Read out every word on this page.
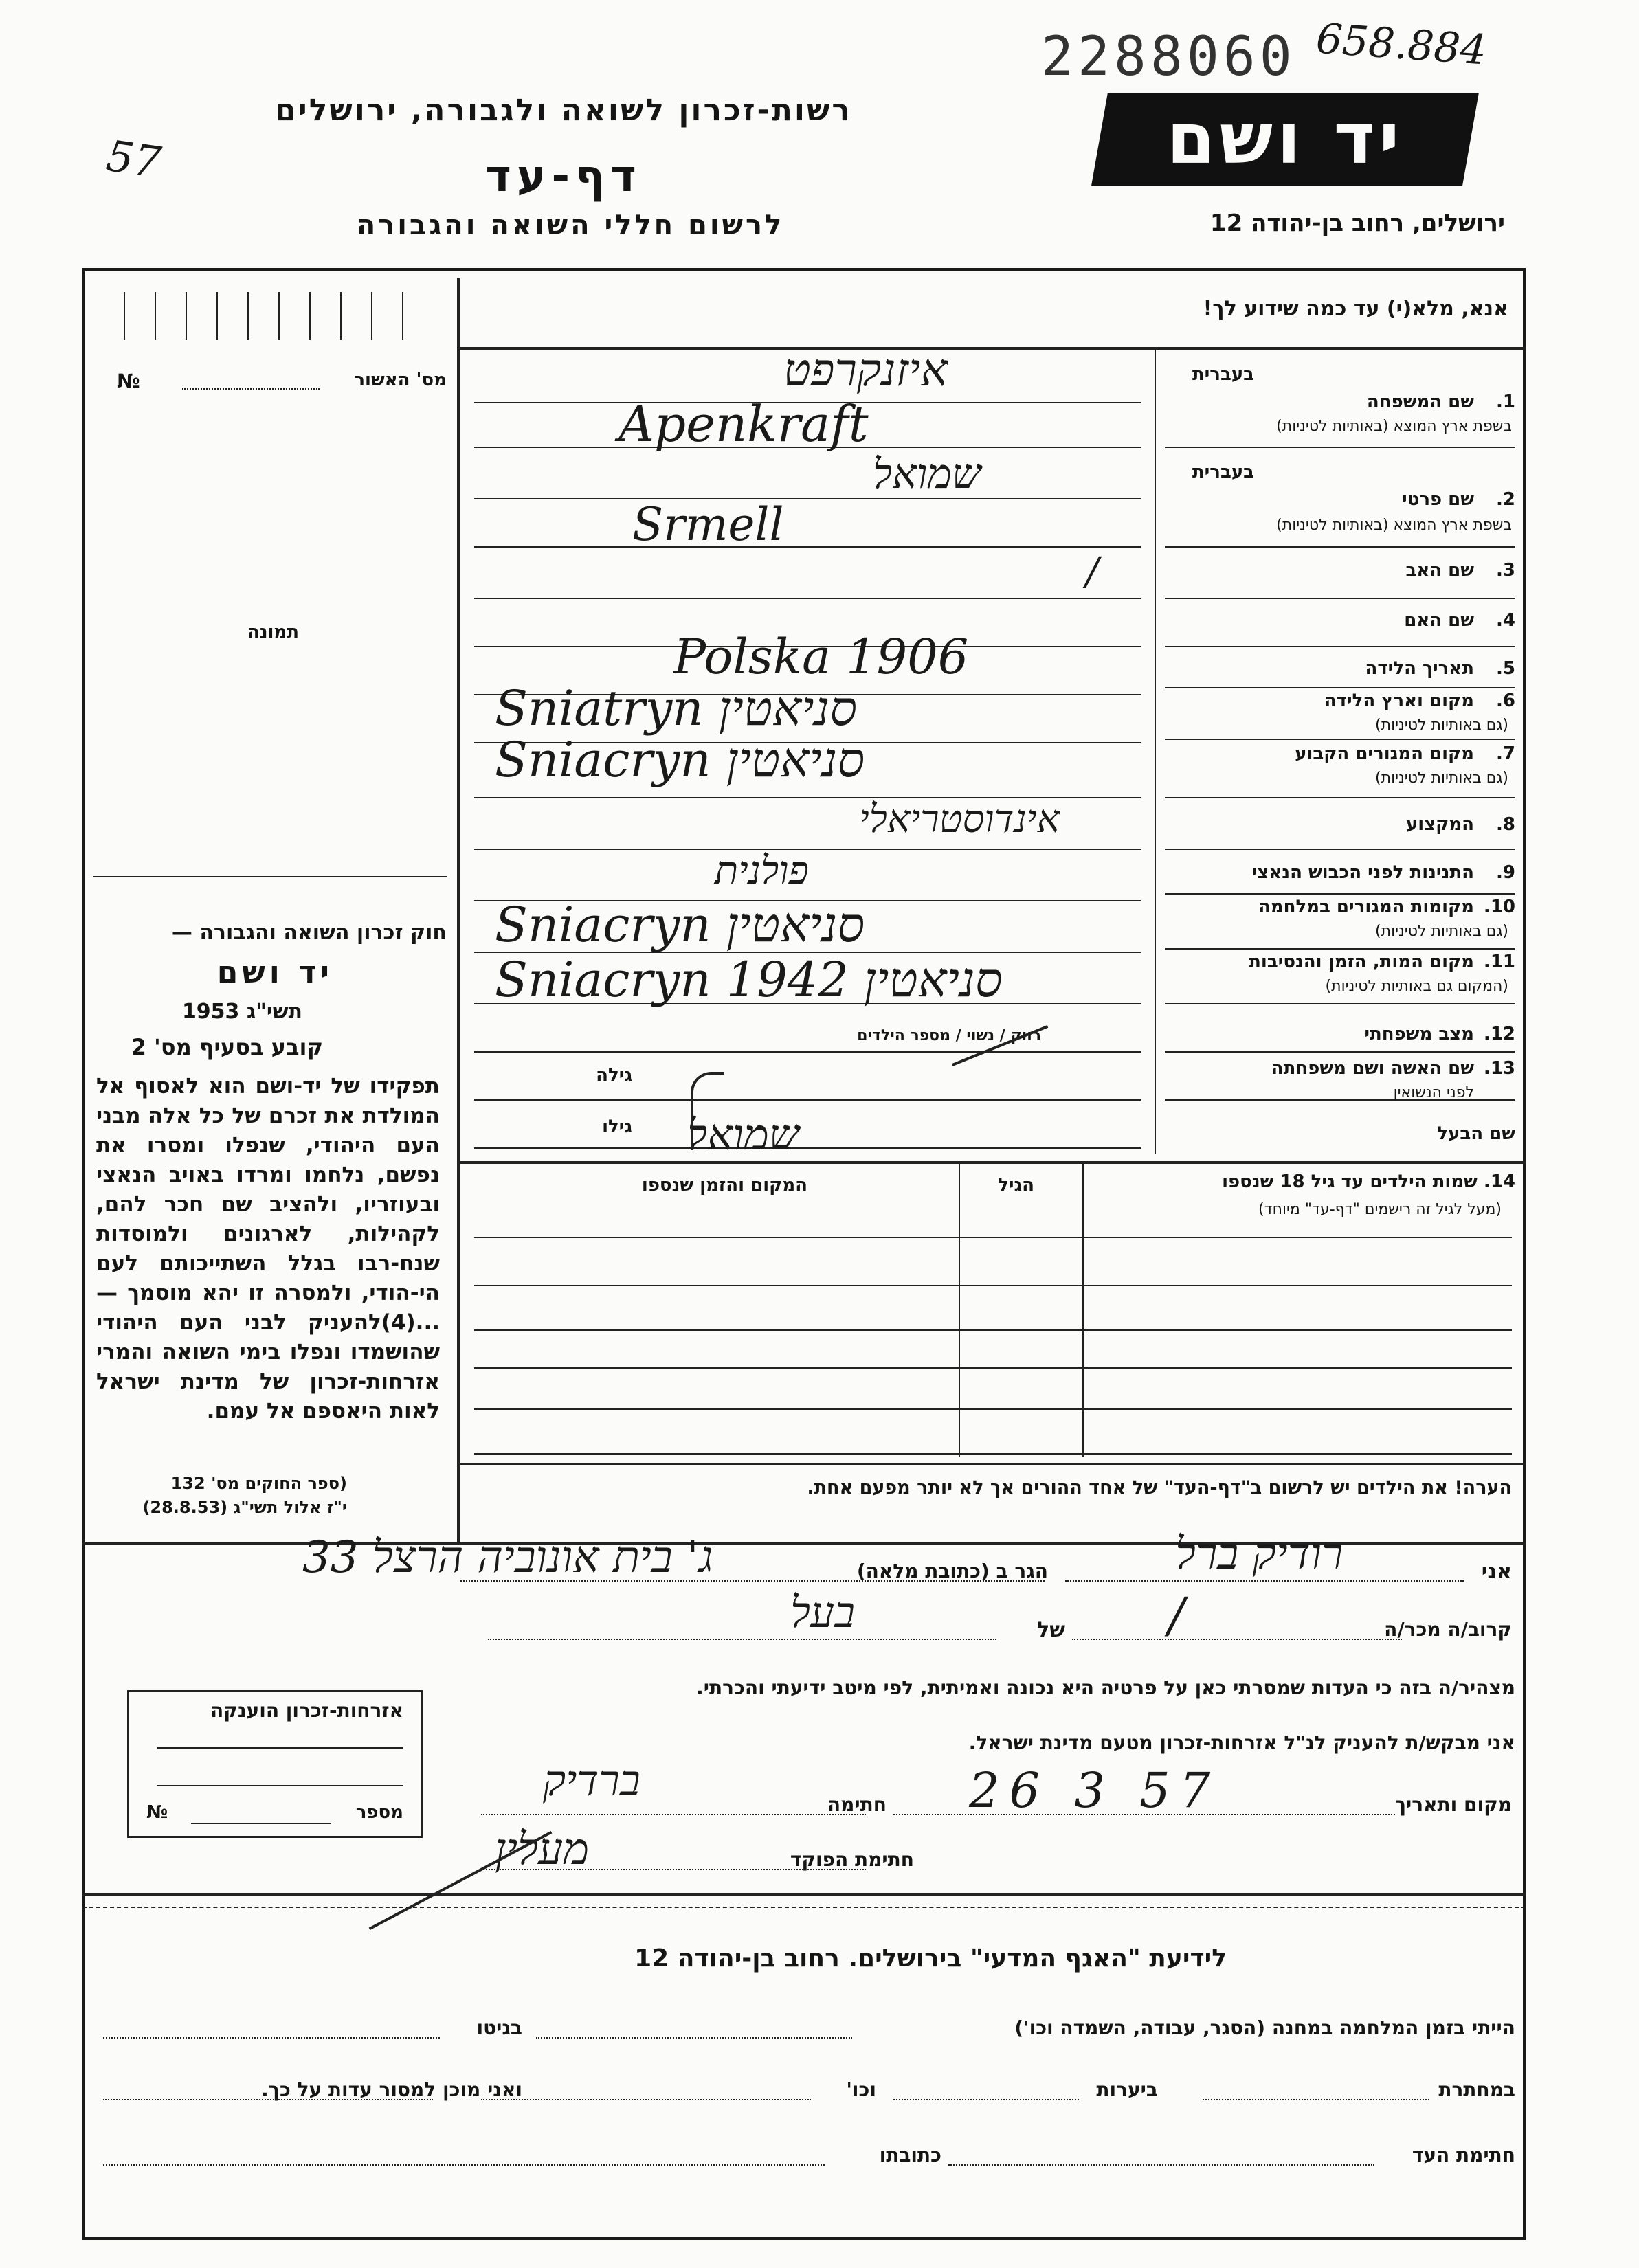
57
2288060 658.884
רשות-זכרון לשואה ולגבורה, ירושלים
דף-עד
לרשום חללי השואה והגבורה
יד ושם
ירושלים, רחוב בן-יהודה 12
אנא, מלא(י) עד כמה שידוע לך!
בעברית
1.
שם המשפחה
בשפת ארץ המוצא (באותיות לטיניות)
בעברית
2.
שם פרטי
בשפת ארץ המוצא (באותיות לטיניות)
3.
שם האב
4.
שם האם
5.
תאריך הלידה
6.
מקום וארץ הלידה
(גם באותיות לטיניות)
7.
מקום המגורים הקבוע
(גם באותיות לטיניות)
8.
המקצוע
9.
התנינות לפני הכבוש הנאצי
10.
מקומות המגורים במלחמה
(גם באותיות לטיניות)
11.
מקום המות, הזמן והנסיבות
(המקום גם באותיות לטיניות)
12.
מצב משפחתי
13.
שם האשה ושם משפחתה
לפני הנשואין
שם הבעל
רווק / נשוי / מספר הילדים
גילה
גילו
איזנקרפט
Apenkraft
שמואל
Srmell
/
Polska 1906
Sniatryn סניאטין
Sniacryn סניאטין
אינדוסטריאלי
פולנית
Sniacryn סניאטין
Sniacryn סניאטין 1942
שמואל
14. שמות הילדים עד גיל 18 שנספו
(מעל לגיל זה רישמים "דף-עד" מיוחד)
הגיל
המקום והזמן שנספו
הערה! את הילדים יש לרשום ב"דף-העד" של אחד ההורים אך לא יותר מפעם אחת.
מס' האשור
№
תמונה
חוק זכרון השואה והגבורה —
יד ושם
תשי"ג 1953
קובע בסעיף מס' 2
תפקידו של יד-ושם הוא לאסוף אל המולדת את זכרם של כל אלה מבני העם היהודי, שנפלו ומסרו את נפשם, נלחמו ומרדו באויב הנאצי ובעוזריו, ולהציב שם חכר להם, לקהילות, לארגונים ולמוסדות שנח-רבו בגלל השתייכותם לעם הי-הודי, ולמסרה זו יהא מוסמך — ...(4)להעניק לבני העם היהודי שהושמדו ונפלו בימי השואה והמרי אזרחות-זכרון של מדינת ישראל לאות היאספם אל עמם.
(ספר החוקים מס' 132
י"ז אלול תשי"ג (28.8.53)
אני
רודיק ברל
הגר ב (כתובת מלאה)
ג' בית אונוביה הרצל 33
קרוב/ה מכר/ה
/
של
בעל
מצהיר/ה בזה כי העדות שמסרתי כאן על פרטיה היא נכונה ואמיתית, לפי מיטב ידיעתי והכרתי.
אני מבקש/ת להעניק לנ"ל אזרחות-זכרון מטעם מדינת ישראל.
מקום ותאריך
26 3 57
חתימה
ברדיק
חתימת הפוקד
מעלין
אזרחות-זכרון הוענקה
מספר
№
לידיעת "האגף המדעי" בירושלים. רחוב בן-יהודה 12
הייתי בזמן המלחמה במחנה (הסגר, עבודה, השמדה וכו')
בגיטו
במחתרת
ביערות
וכו'
ואני מוכן למסור עדות על כך.
חתימת העד
כתובתו
